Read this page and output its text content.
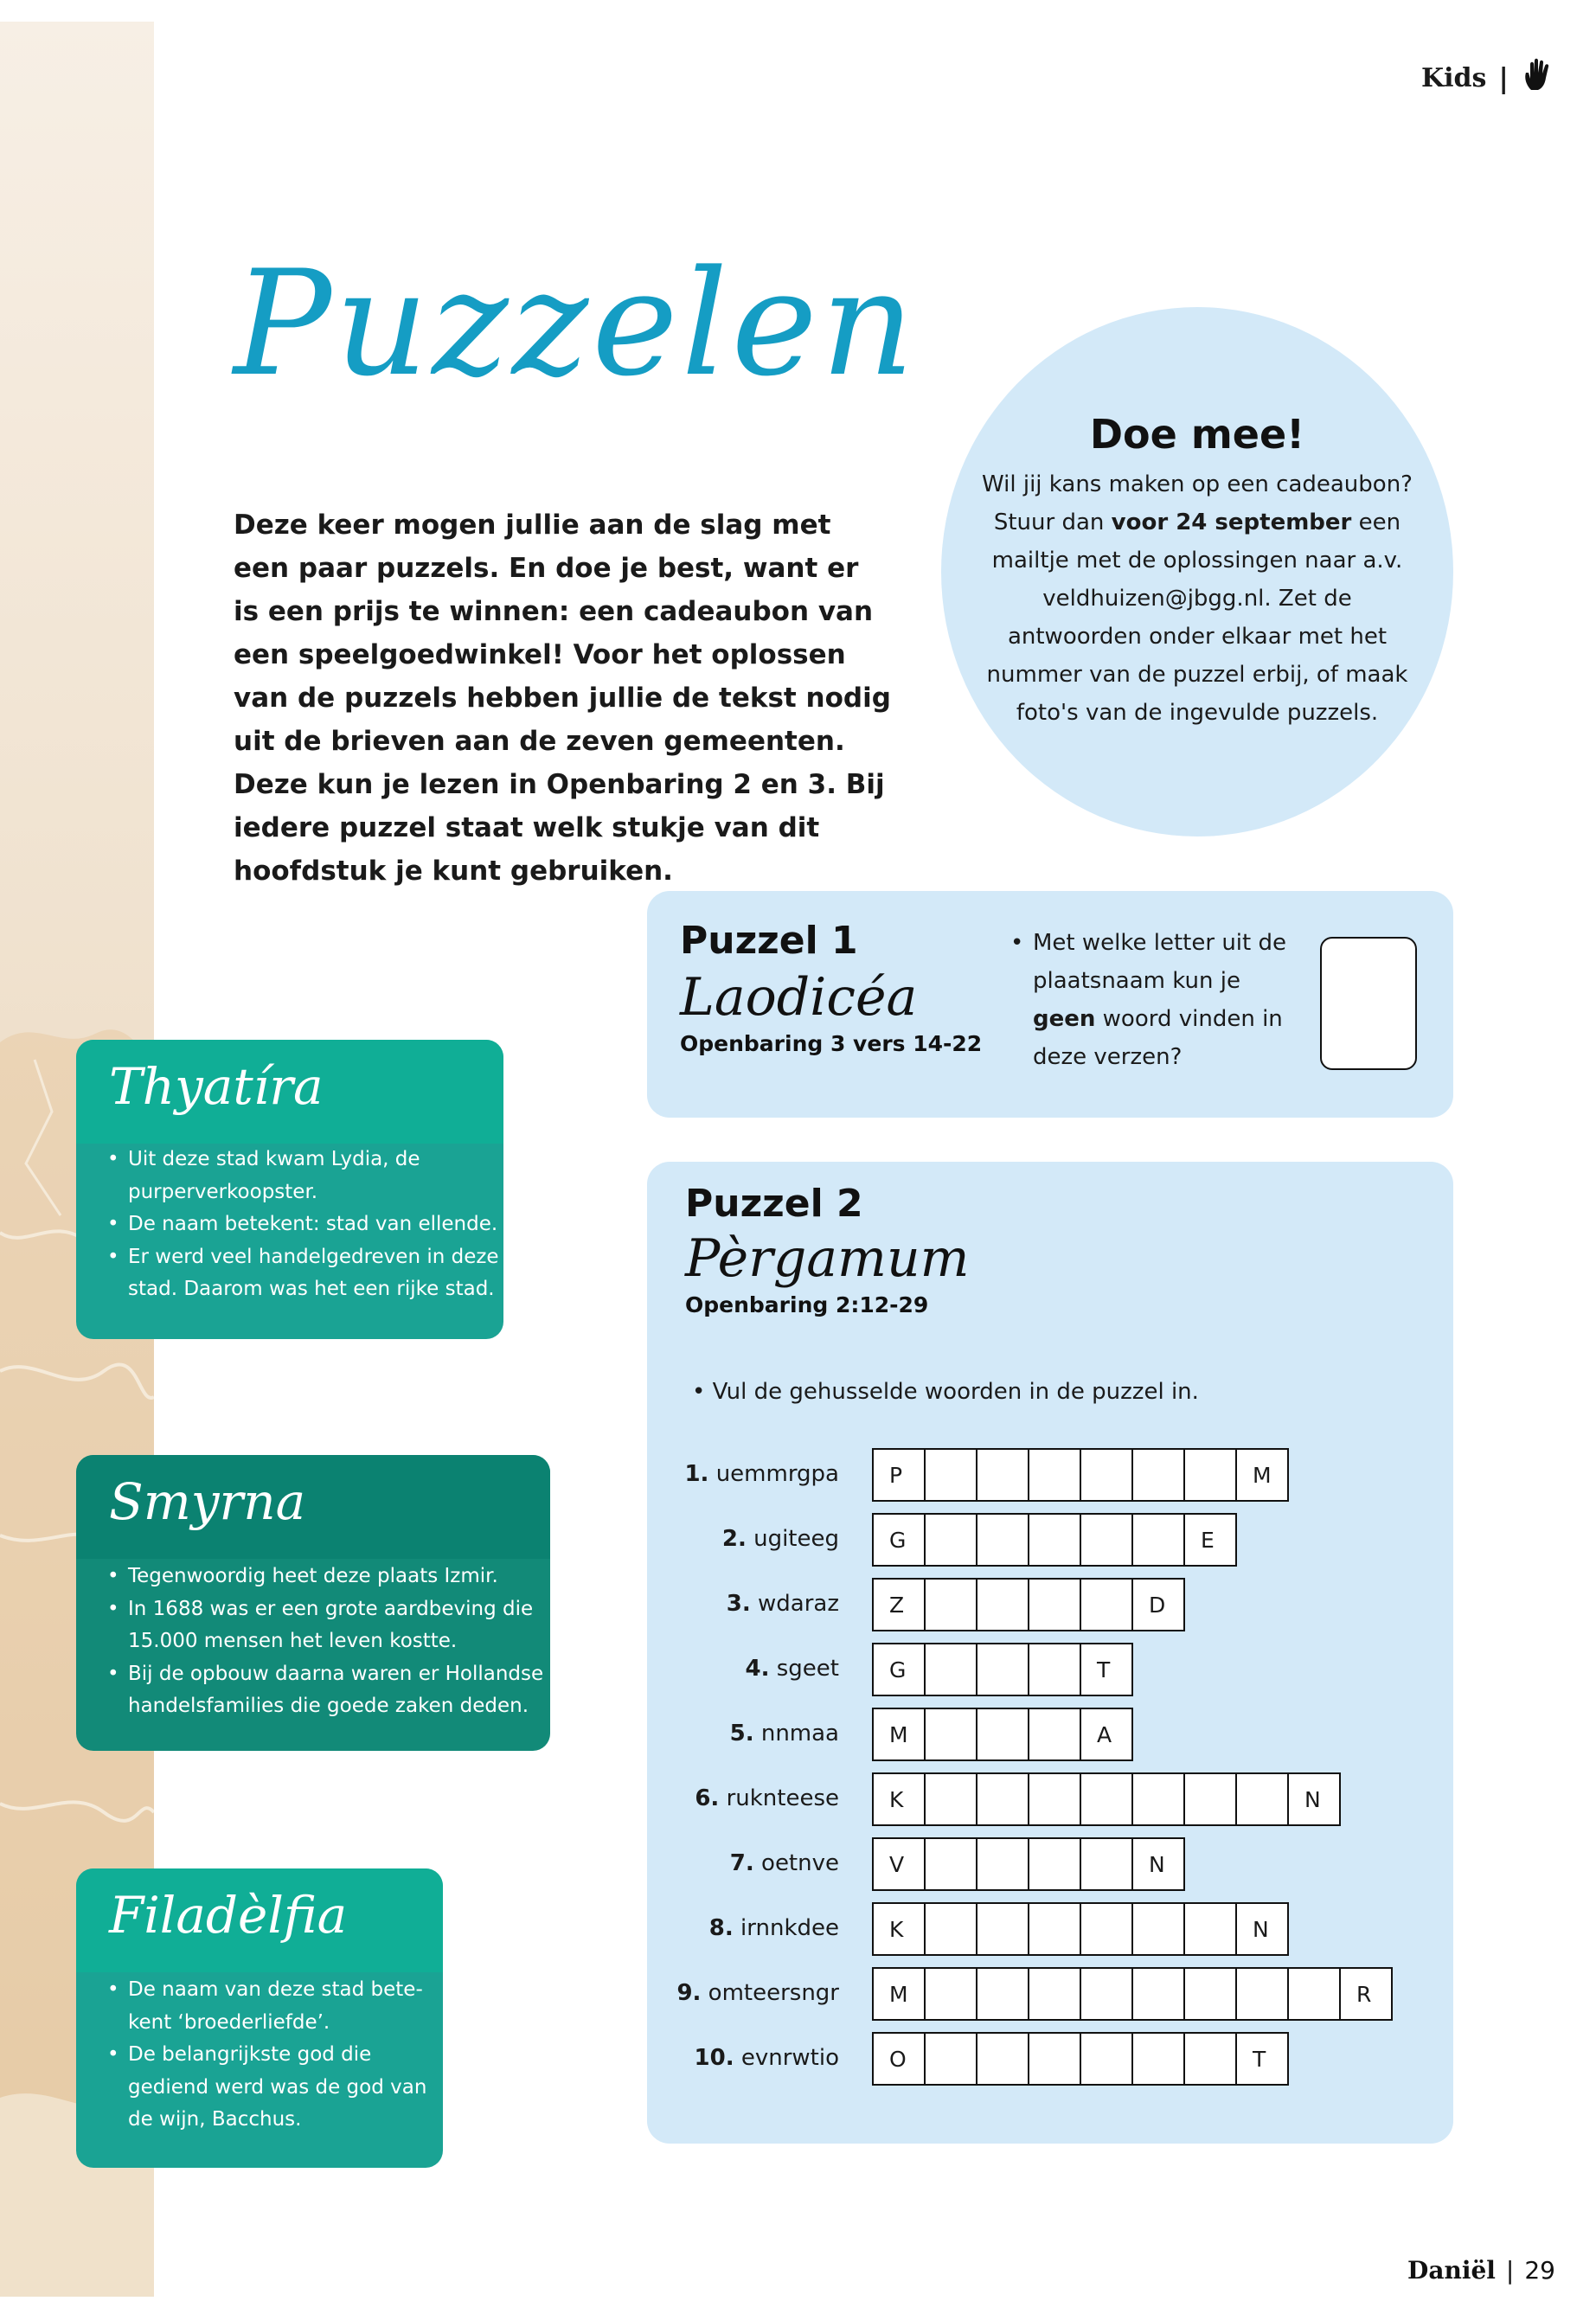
Kids |
Puzzelen
Deze keer mogen jullie aan de slag met een paar puzzels. En doe je best, want er is een prijs te winnen: een cadeaubon van een speelgoedwinkel! Voor het oplossen van de puzzels hebben jullie de tekst nodig uit de brieven aan de zeven gemeenten. Deze kun je lezen in Openbaring 2 en 3. Bij iedere puzzel staat welk stukje van dit hoofdstuk je kunt gebruiken.
Doe mee!
Wil jij kans maken op een cadeaubon? Stuur dan voor 24 september een mailtje met de oplossingen naar a.v. veldhuizen@jbgg.nl. Zet de antwoorden onder elkaar met het nummer van de puzzel erbij, of maak foto's van de ingevulde puzzels.
Puzzel 1
Laodicéa
Openbaring 3 vers 14-22
• Met welke letter uit de plaatsnaam kun je geen woord vinden in deze verzen?
Puzzel 2
Pèrgamum
Openbaring 2:12-29
• Vul de gehusselde woorden in de puzzel in.
1. uemmrgpa	P	M
2. ugiteeg	G	E
3. wdaraz	Z	D
4. sgeet	G	T
5. nnmaa	M	A
6. ruknteese	K	N
7. oetnve	V	N
8. irnnkdee	K	N
9. omteersngr	M	R
10. evnrwtio	O	T
Thyatíra
• Uit deze stad kwam Lydia, de
purperverkoopster.
• De naam betekent: stad van ellende.
• Er werd veel handelgedreven in deze
stad. Daarom was het een rijke stad.
Smyrna
• Tegenwoordig heet deze plaats Izmir.
• In 1688 was er een grote aardbeving die
15.000 mensen het leven kostte.
• Bij de opbouw daarna waren er Hollandse
handelsfamilies die goede zaken deden.
Filadèlfia
• De naam van deze stad bete-
kent ‘broederliefde’.
• De belangrijkste god die
gediend werd was de god van
de wijn, Bacchus.
Daniël | 29
